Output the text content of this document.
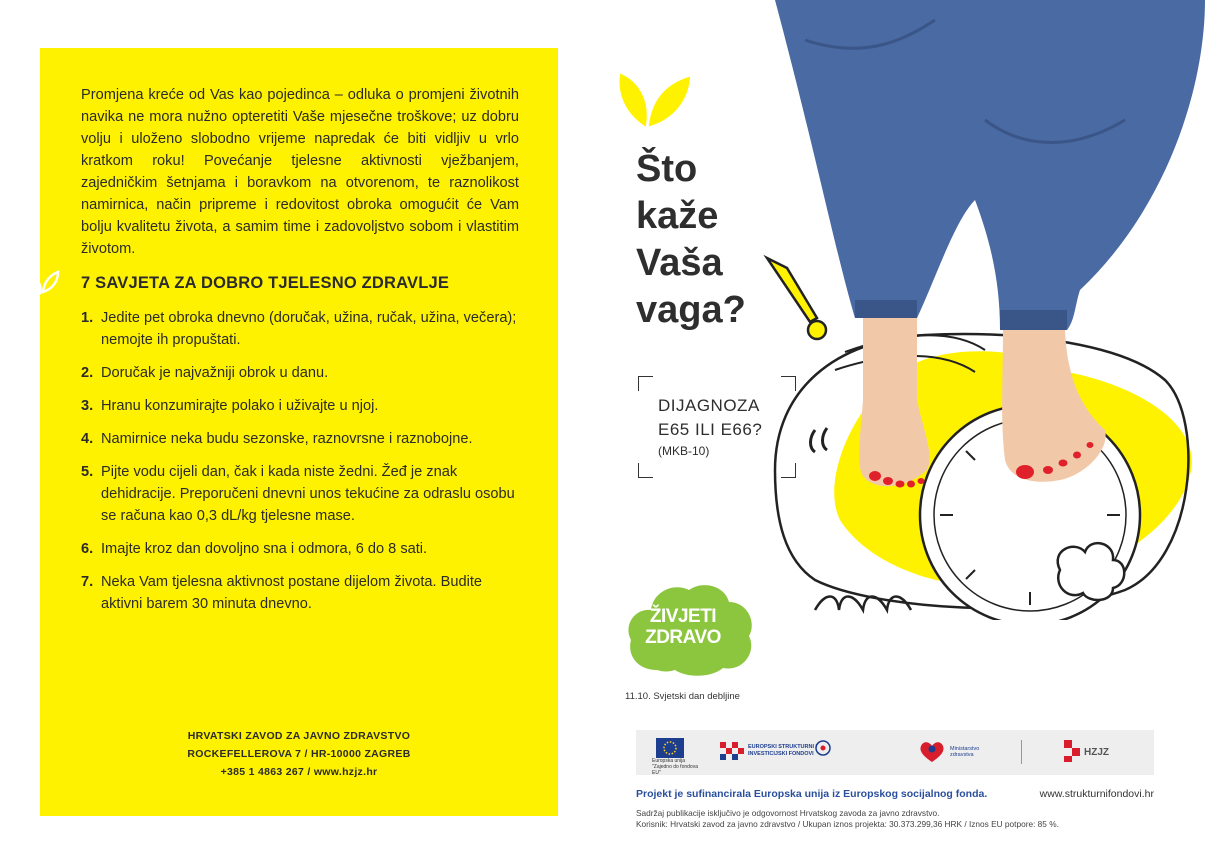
Promjena kreće od Vas kao pojedinca – odluka o promjeni životnih navika ne mora nužno opteretiti Vaše mjesečne troškove; uz dobru volju i uloženo slobodno vrijeme napredak će biti vidljiv u vrlo kratkom roku! Povećanje tjelesne aktivnosti vježbanjem, zajedničkim šetnjama i boravkom na otvorenom, te raznolikost namirnica, način pripreme i redovitost obroka omogućit će Vam bolju kvalitetu života, a samim time i zadovoljstvo sobom i vlastitim životom.

7 SAVJETA ZA DOBRO TJELESNO ZDRAVLJE
1. Jedite pet obroka dnevno (doručak, užina, ručak, užina, večera); nemojte ih propuštati.
2. Doručak je najvažniji obrok u danu.
3. Hranu konzumirajte polako i uživajte u njoj.
4. Namirnice neka budu sezonske, raznovrsne i raznobojne.
5. Pijte vodu cijeli dan, čak i kada niste žedni. Žeđ je znak dehidracije. Preporučeni dnevni unos tekućine za odraslu osobu se računa kao 0,3 dL/kg tjelesne mase.
6. Imajte kroz dan dovoljno sna i odmora, 6 do 8 sati.
7. Neka Vam tjelesna aktivnost postane dijelom života. Budite aktivni barem 30 minuta dnevno.
HRVATSKI ZAVOD ZA JAVNO ZDRAVSTVO
ROCKEFELLEROVA 7 / HR-10000 ZAGREB
+385 1 4863 267 / www.hzjz.hr
Što
kaže
Vaša
vaga?
DIJAGNOZA
E65 ILI E66?
(MKB-10)
ŽIVJETI
ZDRAVO
11.10. Svjetski dan debljine
Europska unija "Zajedno do fondova EU"
EUROPSKI STRUKTURNI I INVESTICIJSKI FONDOVI
Ministarstvo zdravstva	HZJZ
Projekt je sufinancirala Europska unija iz Europskog socijalnog fonda.	www.strukturnifondovi.hr
Sadržaj publikacije isključivo je odgovornost Hrvatskog zavoda za javno zdravstvo.
Korisnik: Hrvatski zavod za javno zdravstvo / Ukupan iznos projekta: 30.373.299,36 HRK / Iznos EU potpore: 85 %.
